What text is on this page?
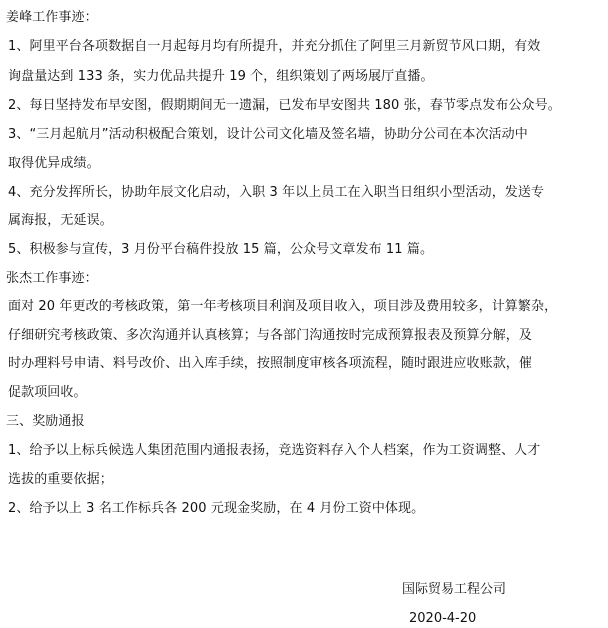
姜峰工作事迹：
1、阿里平台各项数据自一月起每月均有所提升，并充分抓住了阿里三月新贸节风口期，有效
询盘量达到 133 条，实力优品共提升 19 个，组织策划了两场展厅直播。
2、每日坚持发布早安图，假期期间无一遗漏，已发布早安图共 180 张，春节零点发布公众号。
3、“三月起航月”活动积极配合策划，设计公司文化墙及签名墙，协助分公司在本次活动中
取得优异成绩。
4、充分发挥所长，协助年辰文化启动，入职 3 年以上员工在入职当日组织小型活动，发送专
属海报，无延误。
5、积极参与宣传，3 月份平台稿件投放 15 篇，公众号文章发布 11 篇。
张杰工作事迹：
面对 20 年更改的考核政策，第一年考核项目利润及项目收入，项目涉及费用较多，计算繁杂，
仔细研究考核政策、多次沟通并认真核算；与各部门沟通按时完成预算报表及预算分解，及
时办理料号申请、料号改价、出入库手续，按照制度审核各项流程，随时跟进应收账款，催
促款项回收。
三、奖励通报
1、给予以上标兵候选人集团范围内通报表扬，竞选资料存入个人档案，作为工资调整、人才
选拔的重要依据；
2、给予以上 3 名工作标兵各 200 元现金奖励，在 4 月份工资中体现。
国际贸易工程公司
2020-4-20
